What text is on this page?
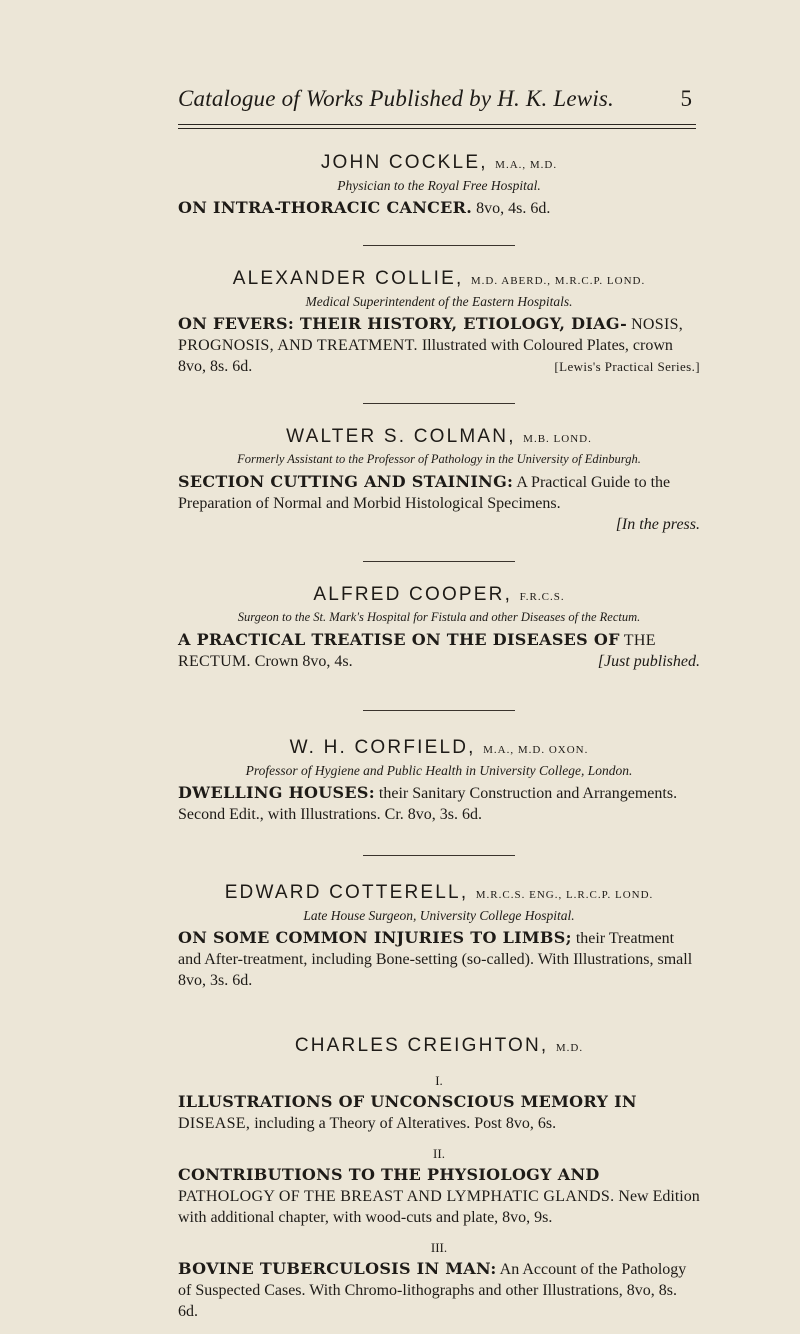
Catalogue of Works Published by H. K. Lewis.	5
JOHN COCKLE, M.A., M.D.
Physician to the Royal Free Hospital.
ON INTRA-THORACIC CANCER. 8vo, 4s. 6d.
ALEXANDER COLLIE, M.D. ABERD., M.R.C.P. LOND.
Medical Superintendent of the Eastern Hospitals.
ON FEVERS: THEIR HISTORY, ETIOLOGY, DIAG- NOSIS, PROGNOSIS, AND TREATMENT. Illustrated with Coloured Plates, crown 8vo, 8s. 6d.	[Lewis's Practical Series.]
WALTER S. COLMAN, M.B. LOND.
Formerly Assistant to the Professor of Pathology in the University of Edinburgh.
SECTION CUTTING AND STAINING: A Practical Guide to the Preparation of Normal and Morbid Histological Specimens.

[In the press.
ALFRED COOPER, F.R.C.S.
Surgeon to the St. Mark's Hospital for Fistula and other Diseases of the Rectum.
A PRACTICAL TREATISE ON THE DISEASES OF THE RECTUM. Crown 8vo, 4s.	[Just published.
W. H. CORFIELD, M.A., M.D. OXON.
Professor of Hygiene and Public Health in University College, London.
DWELLING HOUSES: their Sanitary Construction and Arrangements. Second Edit., with Illustrations. Cr. 8vo, 3s. 6d.
EDWARD COTTERELL, M.R.C.S. ENG., L.R.C.P. LOND.
Late House Surgeon, University College Hospital.
ON SOME COMMON INJURIES TO LIMBS; their Treatment and After-treatment, including Bone-setting (so-called). With Illustrations, small 8vo, 3s. 6d.
CHARLES CREIGHTON, M.D.
I.
ILLUSTRATIONS OF UNCONSCIOUS MEMORY IN DISEASE, including a Theory of Alteratives. Post 8vo, 6s.
II.
CONTRIBUTIONS TO THE PHYSIOLOGY AND PATHOLOGY OF THE BREAST AND LYMPHATIC GLANDS. New Edition with additional chapter, with wood-cuts and plate, 8vo, 9s.
III.
BOVINE TUBERCULOSIS IN MAN: An Account of the Pathology of Suspected Cases. With Chromo-lithographs and other Illustrations, 8vo, 8s. 6d.
